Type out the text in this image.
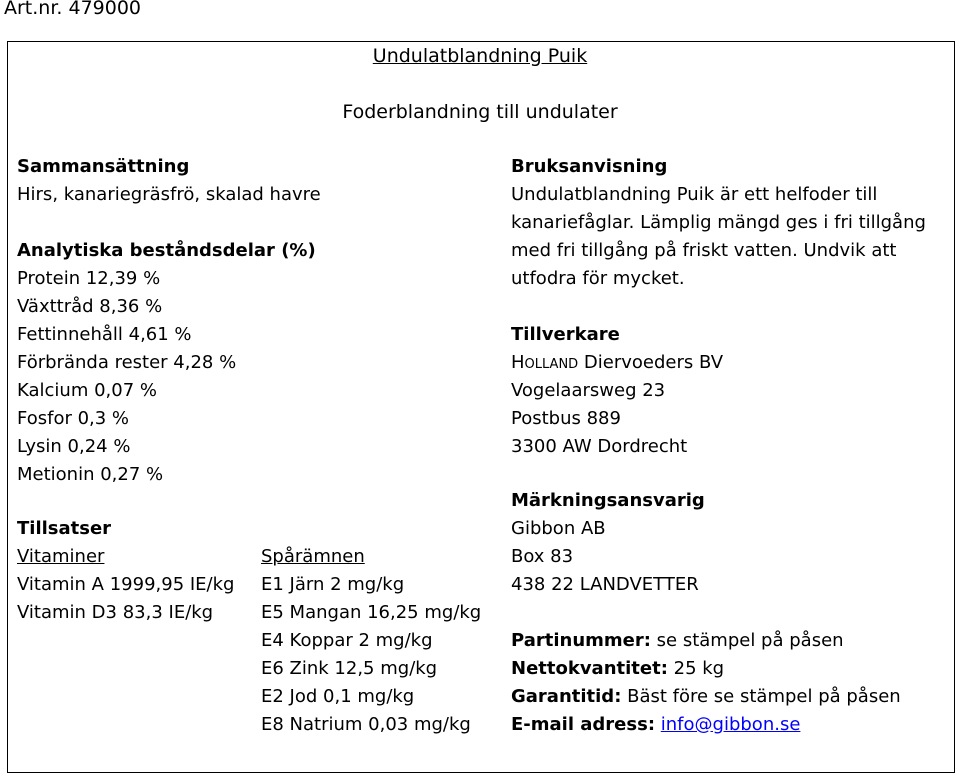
Art.nr. 479000
Undulatblandning Puik
Foderblandning till undulater
Sammansättning
Hirs, kanariegräsfrö, skalad havre
Analytiska beståndsdelar (%)
Protein 12,39 %
Växttråd 8,36 %
Fettinnehåll 4,61 %
Förbrända rester 4,28 %
Kalcium 0,07 %
Fosfor 0,3 %
Lysin 0,24 %
Metionin 0,27 %
Tillsatser
Vitaminer
Vitamin A 1999,95 IE/kg
Vitamin D3 83,3 IE/kg
Spårämnen
E1 Järn 2 mg/kg
E5 Mangan 16,25 mg/kg
E4 Koppar 2 mg/kg
E6 Zink 12,5 mg/kg
E2 Jod 0,1 mg/kg
E8 Natrium 0,03 mg/kg
Bruksanvisning
Undulatblandning Puik är ett helfoder till
kanariefåglar. Lämplig mängd ges i fri tillgång
med fri tillgång på friskt vatten. Undvik att
utfodra för mycket.
Tillverkare
Holland Diervoeders BV
Vogelaarsweg 23
Postbus 889
3300 AW Dordrecht
Märkningsansvarig
Gibbon AB
Box 83
438 22 LANDVETTER
Partinummer: se stämpel på påsen
Nettokvantitet: 25 kg
Garantitid: Bäst före se stämpel på påsen
E-mail adress: info@gibbon.se
